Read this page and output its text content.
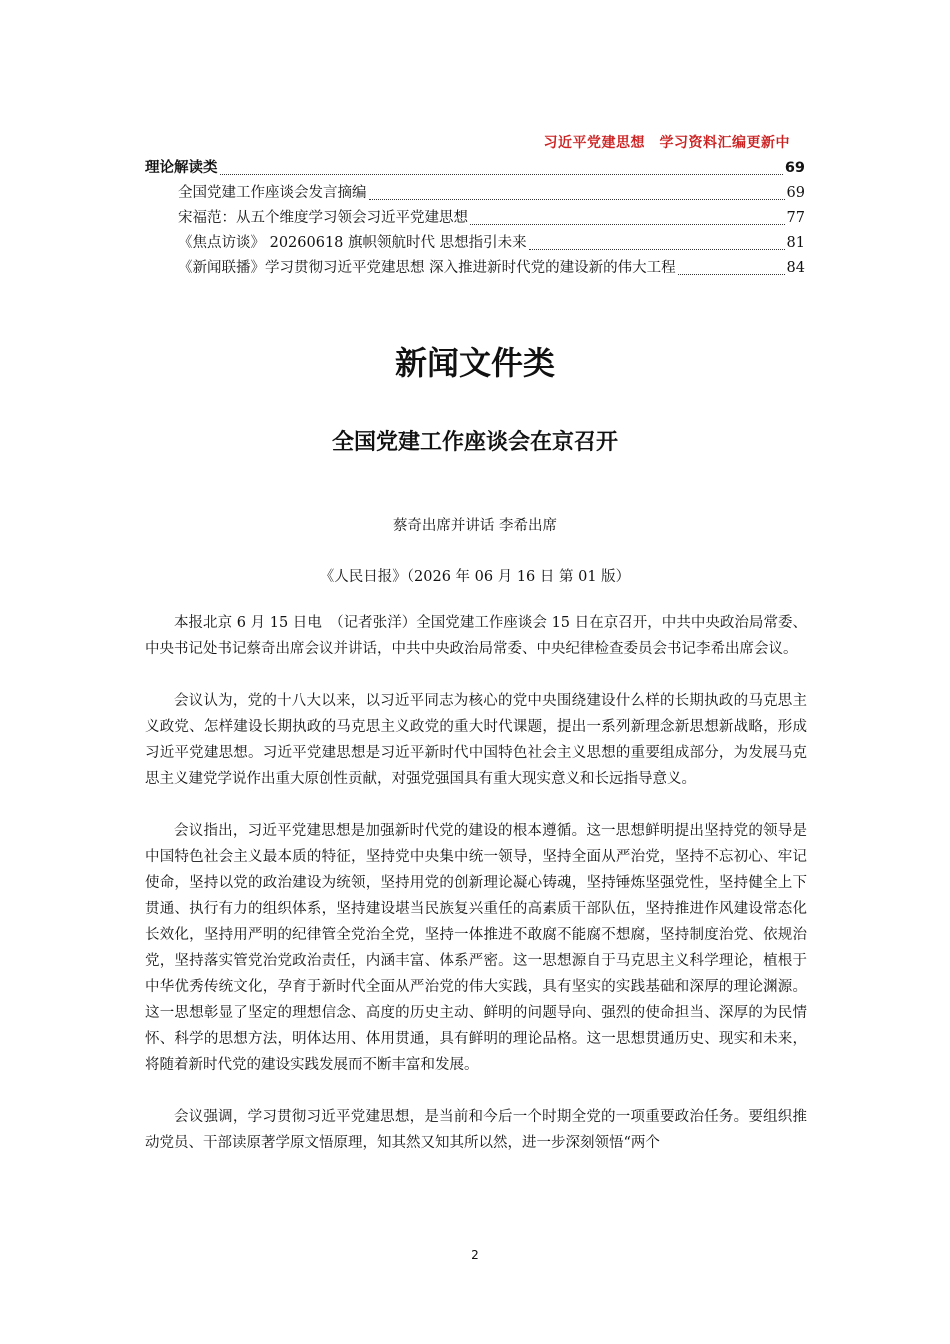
习近平党建思想　学习资料汇编更新中
理论解读类	69
全国党建工作座谈会发言摘编	69
宋福范：从五个维度学习领会习近平党建思想	77
《焦点访谈》 20260618 旗帜领航时代 思想指引未来	81
《新闻联播》学习贯彻习近平党建思想 深入推进新时代党的建设新的伟大工程	84
新闻文件类
全国党建工作座谈会在京召开
蔡奇出席并讲话 李希出席
《人民日报》（2026 年 06 月 16 日 第 01 版）

本报北京 6 月 15 日电　（记者张洋）全国党建工作座谈会 15 日在京召开，中共中央政治局常委、中央书记处书记蔡奇出席会议并讲话，中共中央政治局常委、中央纪律检查委员会书记李希出席会议。

会议认为，党的十八大以来，以习近平同志为核心的党中央围绕建设什么样的长期执政的马克思主义政党、怎样建设长期执政的马克思主义政党的重大时代课题，提出一系列新理念新思想新战略，形成习近平党建思想。习近平党建思想是习近平新时代中国特色社会主义思想的重要组成部分，为发展马克思主义建党学说作出重大原创性贡献，对强党强国具有重大现实意义和长远指导意义。

会议指出，习近平党建思想是加强新时代党的建设的根本遵循。这一思想鲜明提出坚持党的领导是中国特色社会主义最本质的特征，坚持党中央集中统一领导，坚持全面从严治党，坚持不忘初心、牢记使命，坚持以党的政治建设为统领，坚持用党的创新理论凝心铸魂，坚持锤炼坚强党性，坚持健全上下贯通、执行有力的组织体系，坚持建设堪当民族复兴重任的高素质干部队伍，坚持推进作风建设常态化长效化，坚持用严明的纪律管全党治全党，坚持一体推进不敢腐不能腐不想腐，坚持制度治党、依规治党，坚持落实管党治党政治责任，内涵丰富、体系严密。这一思想源自于马克思主义科学理论，植根于中华优秀传统文化，孕育于新时代全面从严治党的伟大实践，具有坚实的实践基础和深厚的理论渊源。这一思想彰显了坚定的理想信念、高度的历史主动、鲜明的问题导向、强烈的使命担当、深厚的为民情怀、科学的思想方法，明体达用、体用贯通，具有鲜明的理论品格。这一思想贯通历史、现实和未来，将随着新时代党的建设实践发展而不断丰富和发展。

会议强调，学习贯彻习近平党建思想，是当前和今后一个时期全党的一项重要政治任务。要组织推动党员、干部读原著学原文悟原理，知其然又知其所以然，进一步深刻领悟“两个

2
